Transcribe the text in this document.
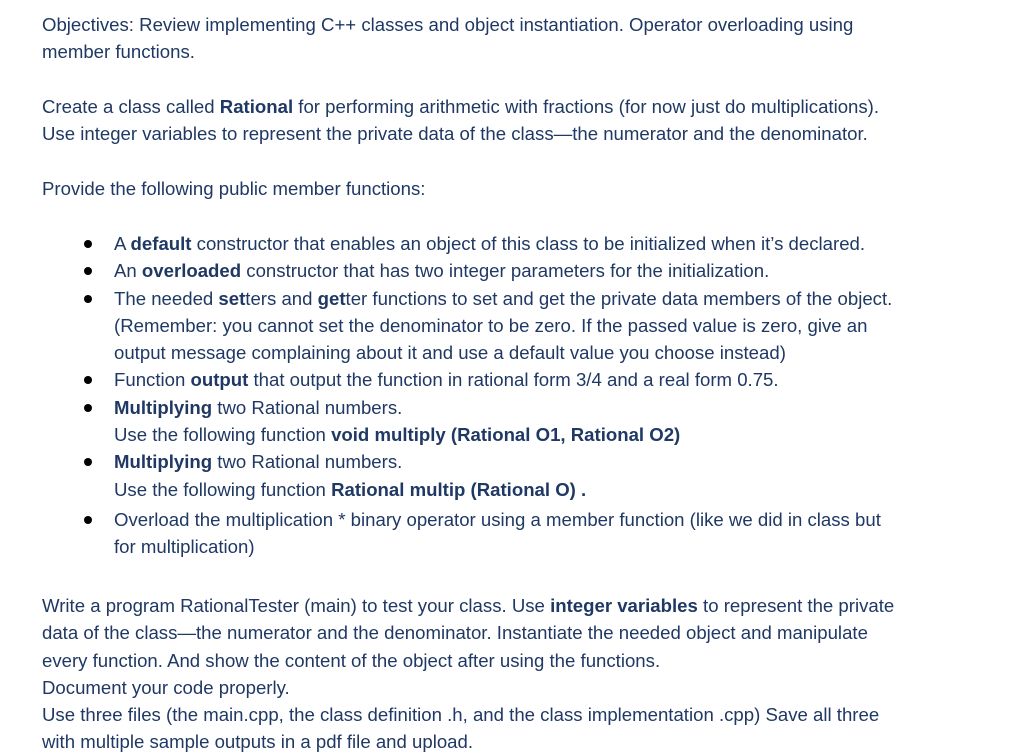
Objectives: Review implementing C++ classes and object instantiation. Operator overloading using
member functions.

Create a class called Rational for performing arithmetic with fractions (for now just do multiplications).
Use integer variables to represent the private data of the class—the numerator and the denominator.

Provide the following public member functions:

A default constructor that enables an object of this class to be initialized when it’s declared.
An overloaded constructor that has two integer parameters for the initialization.
The needed setters and getter functions to set and get the private data members of the object.
(Remember: you cannot set the denominator to be zero. If the passed value is zero, give an
output message complaining about it and use a default value you choose instead)
Function output that output the function in rational form 3/4 and a real form 0.75.
Multiplying two Rational numbers.
Use the following function void multiply (Rational O1, Rational O2)
Multiplying two Rational numbers.
Use the following function Rational multip (Rational O) .
Overload the multiplication * binary operator using a member function (like we did in class but
for multiplication)

Write a program RationalTester (main) to test your class. Use integer variables to represent the private
data of the class—the numerator and the denominator. Instantiate the needed object and manipulate
every function. And show the content of the object after using the functions.
Document your code properly.
Use three files (the main.cpp, the class definition .h, and the class implementation .cpp) Save all three
with multiple sample outputs in a pdf file and upload.
